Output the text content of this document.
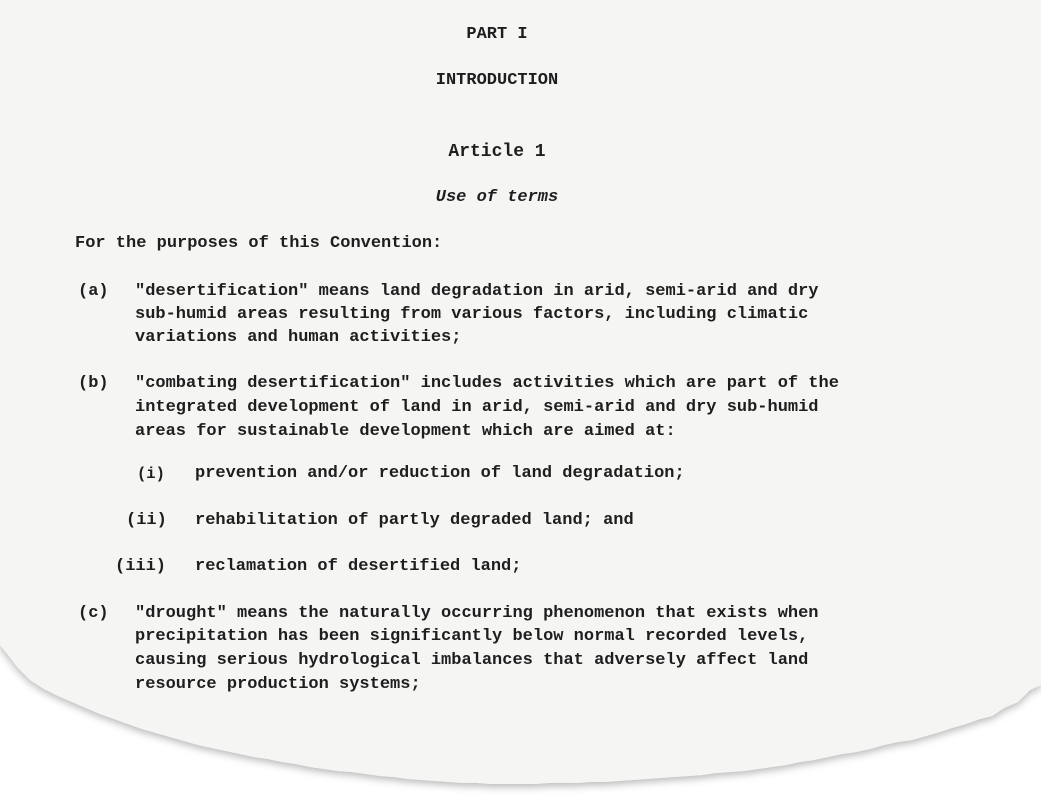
PART I
INTRODUCTION
Article 1
Use of terms
For the purposes of this Convention:
(a) "desertification" means land degradation in arid, semi-arid and dry
sub-humid areas resulting from various factors, including climatic
variations and human activities;
(b) "combating desertification" includes activities which are part of the
integrated development of land in arid, semi-arid and dry sub-humid
areas for sustainable development which are aimed at:
(i) prevention and/or reduction of land degradation;
(ii) rehabilitation of partly degraded land; and
(iii) reclamation of desertified land;
(c) "drought" means the naturally occurring phenomenon that exists when
precipitation has been significantly below normal recorded levels,
causing serious hydrological imbalances that adversely affect land
resource production systems;
